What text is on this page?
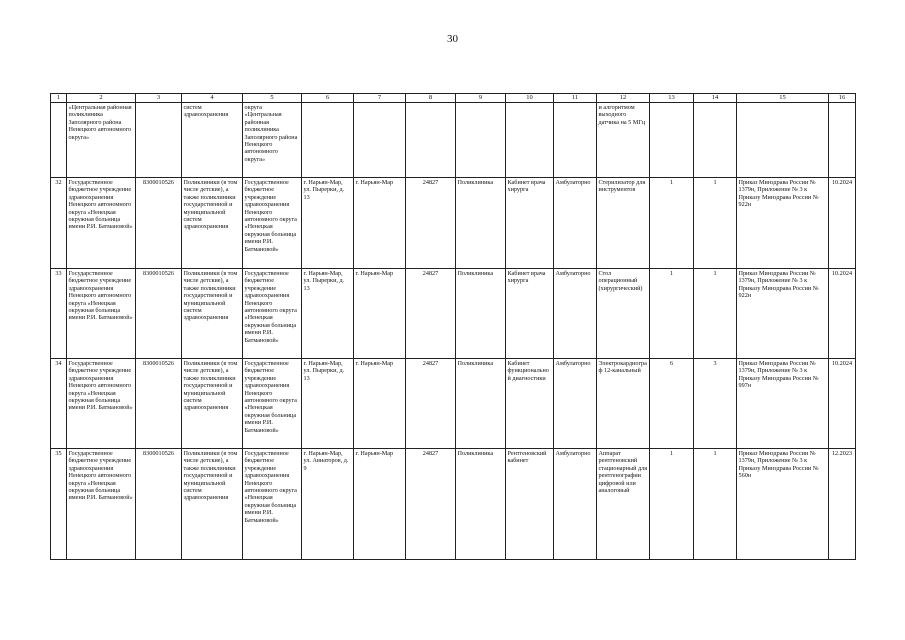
30
1	2	3	4	5	6	7	8	9	10	11	12	13	14	15	16
	«Центральная районная поликлиника Заполярного района Ненецкого автономного округа»		систем здравоохранения	округа «Центральная районная поликлиника Заполярного района Ненецкого автономного округа»							и алгоритмом выходного датчика на 5 МГц				
32	Государственное бюджетное учреждение здравоохранения Ненецкого автономного округа «Ненецкая окружная больница имени Р.И. Батмановой»	8300010526	Поликлиники (в том числе детские), а также поликлиники государственной и муниципальной систем здравоохранения	Государственное бюджетное учреждение здравоохранения Ненецкого автономного округа «Ненецкая окружная больница имени Р.И. Батмановой»	г. Нарьян-Мар, ул. Пырерки, д. 13	г. Нарьян-Мар	24827	Поликлиника	Кабинет врача хирурга	Амбулаторно	Стерилизатор для инструментов	1	1	Приказ Минздрава России № 1379н, Приложение № 3 к Приказу Минздрава России № 922н	10.2024
33	Государственное бюджетное учреждение здравоохранения Ненецкого автономного округа «Ненецкая окружная больница имени Р.И. Батмановой»	8300010526	Поликлиники (в том числе детские), а также поликлиники государственной и муниципальной систем здравоохранения	Государственное бюджетное учреждение здравоохранения Ненецкого автономного округа «Ненецкая окружная больница имени Р.И. Батмановой»	г. Нарьян-Мар, ул. Пырерки, д. 13	г. Нарьян-Мар	24827	Поликлиника	Кабинет врача хирурга	Амбулаторно	Стол операционный (хирургический)	1	1	Приказ Минздрава России № 1379н, Приложение № 3 к Приказу Минздрава России № 922н	10.2024
34	Государственное бюджетное учреждение здравоохранения Ненецкого автономного округа «Ненецкая окружная больница имени Р.И. Батмановой»	8300010526	Поликлиники (в том числе детские), а также поликлиники государственной и муниципальной систем здравоохранения	Государственное бюджетное учреждение здравоохранения Ненецкого автономного округа «Ненецкая окружная больница имени Р.И. Батмановой»	г. Нарьян-Мар, ул. Пырерки, д. 13	г. Нарьян-Мар	24827	Поликлиника	Кабинет функциональной диагностики	Амбулаторно	Электрокардиограф 12-канальный	6	3	Приказ Минздрава России № 1379н, Приложение № 3 к Приказу Минздрава России № 997н	10.2024
35	Государственное бюджетное учреждение здравоохранения Ненецкого автономного округа «Ненецкая окружная больница имени Р.И. Батмановой»	8300010526	Поликлиники (в том числе детские), а также поликлиники государственной и муниципальной систем здравоохранения	Государственное бюджетное учреждение здравоохранения Ненецкого автономного округа «Ненецкая окружная больница имени Р.И. Батмановой»	г. Нарьян-Мар, ул. Авиаторов, д. 9	г. Нарьян-Мар	24827	Поликлиника	Рентгеновский кабинет	Амбулаторно	Аппарат рентгеновский стационарный для рентгенографии цифровой или аналоговый	1	1	Приказ Минздрава России № 1379н, Приложение № 3 к Приказу Минздрава России № 560н	12.2023
